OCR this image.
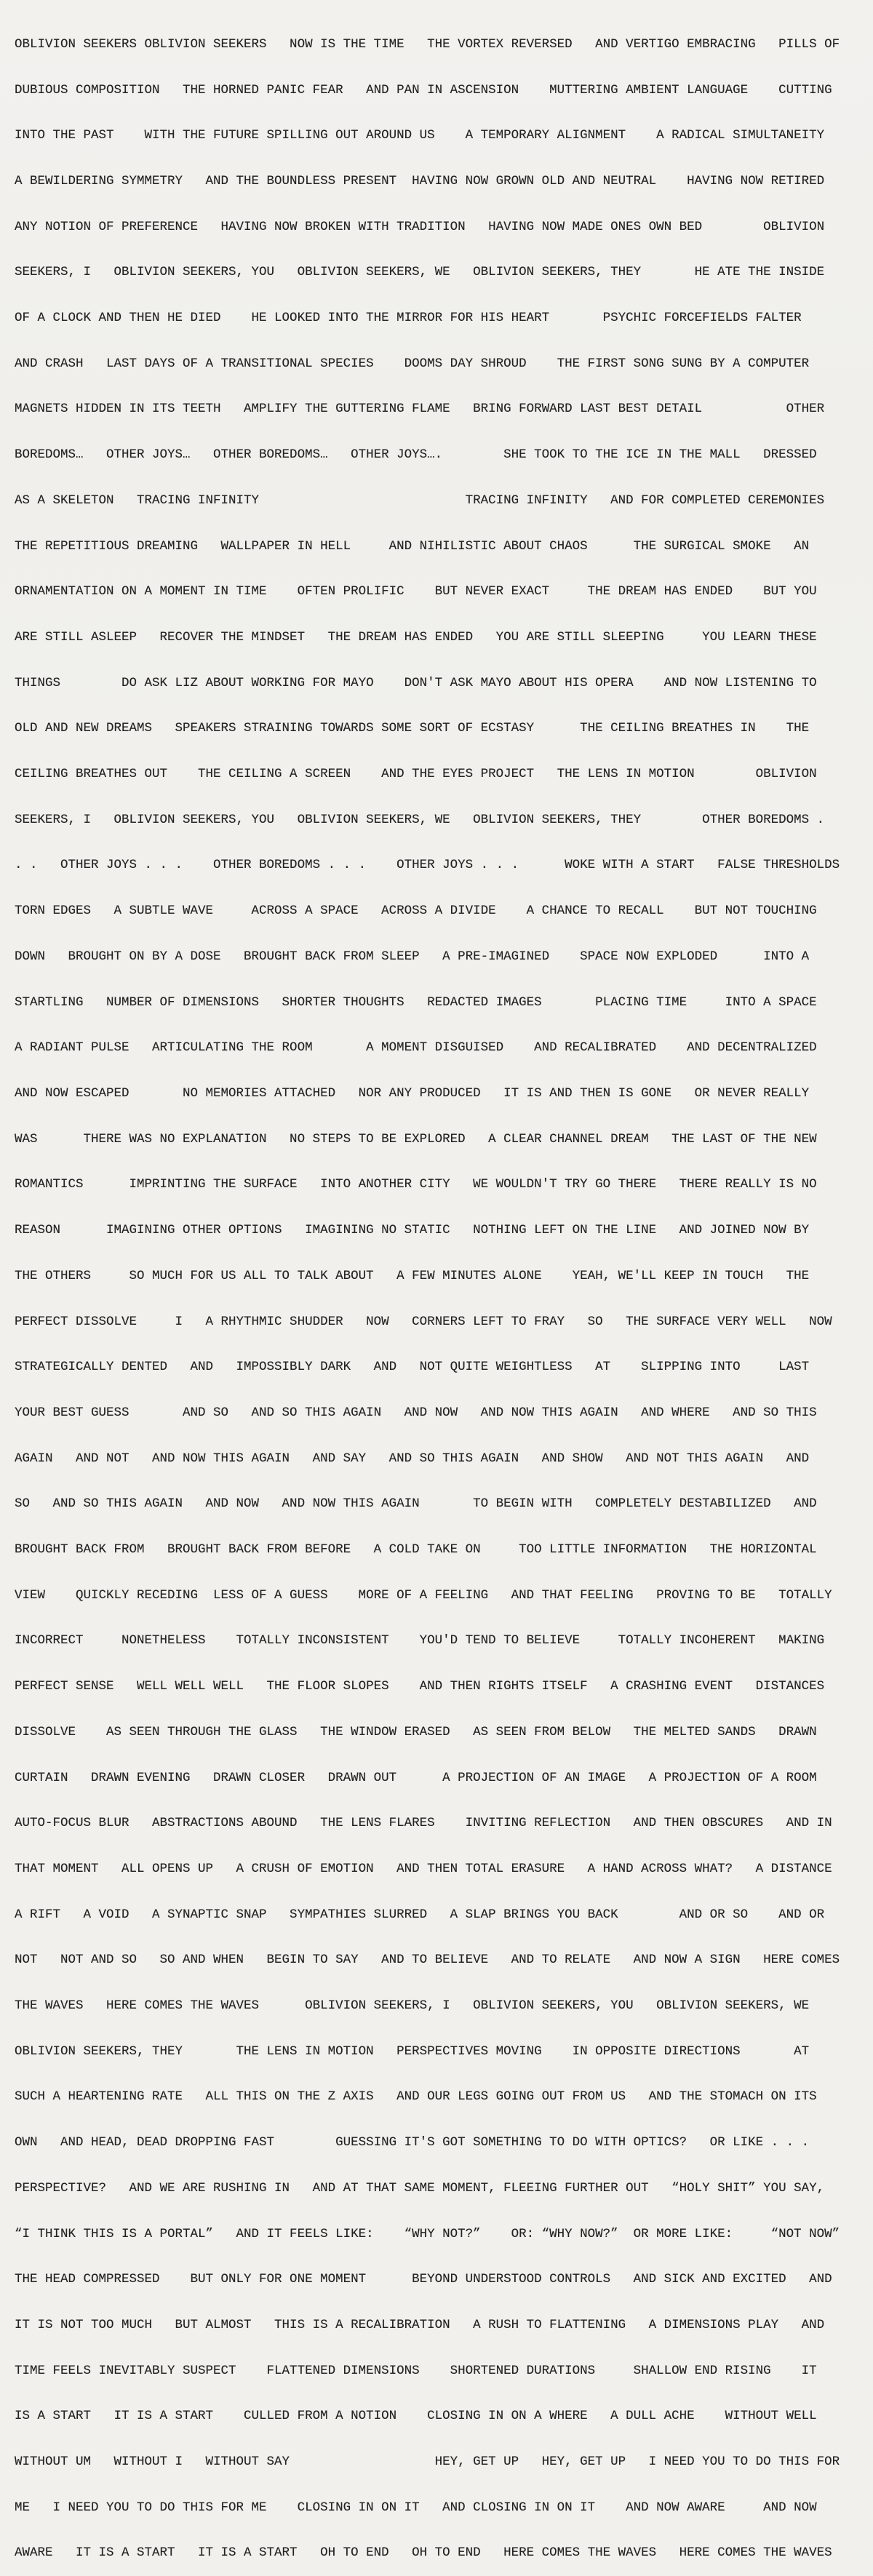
OBLIVION SEEKERS OBLIVION SEEKERS   NOW IS THE TIME   THE VORTEX REVERSED   AND VERTIGO EMBRACING   PILLS OF

DUBIOUS COMPOSITION   THE HORNED PANIC FEAR   AND PAN IN ASCENSION    MUTTERING AMBIENT LANGUAGE    CUTTING

INTO THE PAST    WITH THE FUTURE SPILLING OUT AROUND US    A TEMPORARY ALIGNMENT    A RADICAL SIMULTANEITY

A BEWILDERING SYMMETRY   AND THE BOUNDLESS PRESENT  HAVING NOW GROWN OLD AND NEUTRAL    HAVING NOW RETIRED

ANY NOTION OF PREFERENCE   HAVING NOW BROKEN WITH TRADITION   HAVING NOW MADE ONES OWN BED        OBLIVION

SEEKERS, I   OBLIVION SEEKERS, YOU   OBLIVION SEEKERS, WE   OBLIVION SEEKERS, THEY       HE ATE THE INSIDE

OF A CLOCK AND THEN HE DIED    HE LOOKED INTO THE MIRROR FOR HIS HEART       PSYCHIC FORCEFIELDS FALTER

AND CRASH   LAST DAYS OF A TRANSITIONAL SPECIES    DOOMS DAY SHROUD    THE FIRST SONG SUNG BY A COMPUTER

MAGNETS HIDDEN IN ITS TEETH   AMPLIFY THE GUTTERING FLAME   BRING FORWARD LAST BEST DETAIL           OTHER

BOREDOMS…   OTHER JOYS…   OTHER BOREDOMS…   OTHER JOYS….        SHE TOOK TO THE ICE IN THE MALL   DRESSED

AS A SKELETON   TRACING INFINITY                           TRACING INFINITY   AND FOR COMPLETED CEREMONIES

THE REPETITIOUS DREAMING   WALLPAPER IN HELL     AND NIHILISTIC ABOUT CHAOS      THE SURGICAL SMOKE   AN

ORNAMENTATION ON A MOMENT IN TIME    OFTEN PROLIFIC    BUT NEVER EXACT     THE DREAM HAS ENDED    BUT YOU

ARE STILL ASLEEP   RECOVER THE MINDSET   THE DREAM HAS ENDED   YOU ARE STILL SLEEPING     YOU LEARN THESE

THINGS        DO ASK LIZ ABOUT WORKING FOR MAYO    DON'T ASK MAYO ABOUT HIS OPERA    AND NOW LISTENING TO

OLD AND NEW DREAMS   SPEAKERS STRAINING TOWARDS SOME SORT OF ECSTASY      THE CEILING BREATHES IN    THE

CEILING BREATHES OUT    THE CEILING A SCREEN    AND THE EYES PROJECT   THE LENS IN MOTION        OBLIVION

SEEKERS, I   OBLIVION SEEKERS, YOU   OBLIVION SEEKERS, WE   OBLIVION SEEKERS, THEY        OTHER BOREDOMS .

. .   OTHER JOYS . . .    OTHER BOREDOMS . . .    OTHER JOYS . . .      WOKE WITH A START   FALSE THRESHOLDS

TORN EDGES   A SUBTLE WAVE     ACROSS A SPACE   ACROSS A DIVIDE    A CHANCE TO RECALL    BUT NOT TOUCHING

DOWN   BROUGHT ON BY A DOSE   BROUGHT BACK FROM SLEEP   A PRE-IMAGINED    SPACE NOW EXPLODED      INTO A

STARTLING   NUMBER OF DIMENSIONS   SHORTER THOUGHTS   REDACTED IMAGES       PLACING TIME     INTO A SPACE

A RADIANT PULSE   ARTICULATING THE ROOM       A MOMENT DISGUISED    AND RECALIBRATED    AND DECENTRALIZED

AND NOW ESCAPED       NO MEMORIES ATTACHED   NOR ANY PRODUCED   IT IS AND THEN IS GONE   OR NEVER REALLY

WAS      THERE WAS NO EXPLANATION   NO STEPS TO BE EXPLORED   A CLEAR CHANNEL DREAM   THE LAST OF THE NEW

ROMANTICS      IMPRINTING THE SURFACE   INTO ANOTHER CITY   WE WOULDN'T TRY GO THERE   THERE REALLY IS NO

REASON      IMAGINING OTHER OPTIONS   IMAGINING NO STATIC   NOTHING LEFT ON THE LINE   AND JOINED NOW BY

THE OTHERS     SO MUCH FOR US ALL TO TALK ABOUT   A FEW MINUTES ALONE    YEAH, WE'LL KEEP IN TOUCH   THE

PERFECT DISSOLVE     I   A RHYTHMIC SHUDDER   NOW   CORNERS LEFT TO FRAY   SO   THE SURFACE VERY WELL   NOW

STRATEGICALLY DENTED   AND   IMPOSSIBLY DARK   AND   NOT QUITE WEIGHTLESS   AT    SLIPPING INTO     LAST

YOUR BEST GUESS       AND SO   AND SO THIS AGAIN   AND NOW   AND NOW THIS AGAIN   AND WHERE   AND SO THIS

AGAIN   AND NOT   AND NOW THIS AGAIN   AND SAY   AND SO THIS AGAIN   AND SHOW   AND NOT THIS AGAIN   AND

SO   AND SO THIS AGAIN   AND NOW   AND NOW THIS AGAIN       TO BEGIN WITH   COMPLETELY DESTABILIZED   AND

BROUGHT BACK FROM   BROUGHT BACK FROM BEFORE   A COLD TAKE ON     TOO LITTLE INFORMATION   THE HORIZONTAL

VIEW    QUICKLY RECEDING  LESS OF A GUESS    MORE OF A FEELING   AND THAT FEELING   PROVING TO BE   TOTALLY

INCORRECT     NONETHELESS    TOTALLY INCONSISTENT    YOU'D TEND TO BELIEVE     TOTALLY INCOHERENT   MAKING

PERFECT SENSE   WELL WELL WELL   THE FLOOR SLOPES    AND THEN RIGHTS ITSELF   A CRASHING EVENT   DISTANCES

DISSOLVE    AS SEEN THROUGH THE GLASS   THE WINDOW ERASED   AS SEEN FROM BELOW   THE MELTED SANDS   DRAWN

CURTAIN   DRAWN EVENING   DRAWN CLOSER   DRAWN OUT      A PROJECTION OF AN IMAGE   A PROJECTION OF A ROOM

AUTO-FOCUS BLUR   ABSTRACTIONS ABOUND   THE LENS FLARES    INVITING REFLECTION   AND THEN OBSCURES   AND IN

THAT MOMENT   ALL OPENS UP   A CRUSH OF EMOTION   AND THEN TOTAL ERASURE   A HAND ACROSS WHAT?   A DISTANCE

A RIFT   A VOID   A SYNAPTIC SNAP   SYMPATHIES SLURRED   A SLAP BRINGS YOU BACK        AND OR SO    AND OR

NOT   NOT AND SO   SO AND WHEN   BEGIN TO SAY   AND TO BELIEVE   AND TO RELATE   AND NOW A SIGN   HERE COMES

THE WAVES   HERE COMES THE WAVES      OBLIVION SEEKERS, I   OBLIVION SEEKERS, YOU   OBLIVION SEEKERS, WE

OBLIVION SEEKERS, THEY       THE LENS IN MOTION   PERSPECTIVES MOVING    IN OPPOSITE DIRECTIONS       AT

SUCH A HEARTENING RATE   ALL THIS ON THE Z AXIS   AND OUR LEGS GOING OUT FROM US   AND THE STOMACH ON ITS

OWN   AND HEAD, DEAD DROPPING FAST        GUESSING IT'S GOT SOMETHING TO DO WITH OPTICS?   OR LIKE . . .

PERSPECTIVE?   AND WE ARE RUSHING IN   AND AT THAT SAME MOMENT, FLEEING FURTHER OUT   “HOLY SHIT” YOU SAY,

“I THINK THIS IS A PORTAL”   AND IT FEELS LIKE:    “WHY NOT?”    OR: “WHY NOW?”  OR MORE LIKE:     “NOT NOW”

THE HEAD COMPRESSED    BUT ONLY FOR ONE MOMENT      BEYOND UNDERSTOOD CONTROLS   AND SICK AND EXCITED   AND

IT IS NOT TOO MUCH   BUT ALMOST   THIS IS A RECALIBRATION   A RUSH TO FLATTENING   A DIMENSIONS PLAY   AND

TIME FEELS INEVITABLY SUSPECT    FLATTENED DIMENSIONS    SHORTENED DURATIONS     SHALLOW END RISING    IT

IS A START   IT IS A START    CULLED FROM A NOTION    CLOSING IN ON A WHERE   A DULL ACHE    WITHOUT WELL

WITHOUT UM   WITHOUT I   WITHOUT SAY                   HEY, GET UP   HEY, GET UP   I NEED YOU TO DO THIS FOR

ME   I NEED YOU TO DO THIS FOR ME    CLOSING IN ON IT   AND CLOSING IN ON IT    AND NOW AWARE     AND NOW

AWARE   IT IS A START   IT IS A START   OH TO END   OH TO END   HERE COMES THE WAVES   HERE COMES THE WAVES
